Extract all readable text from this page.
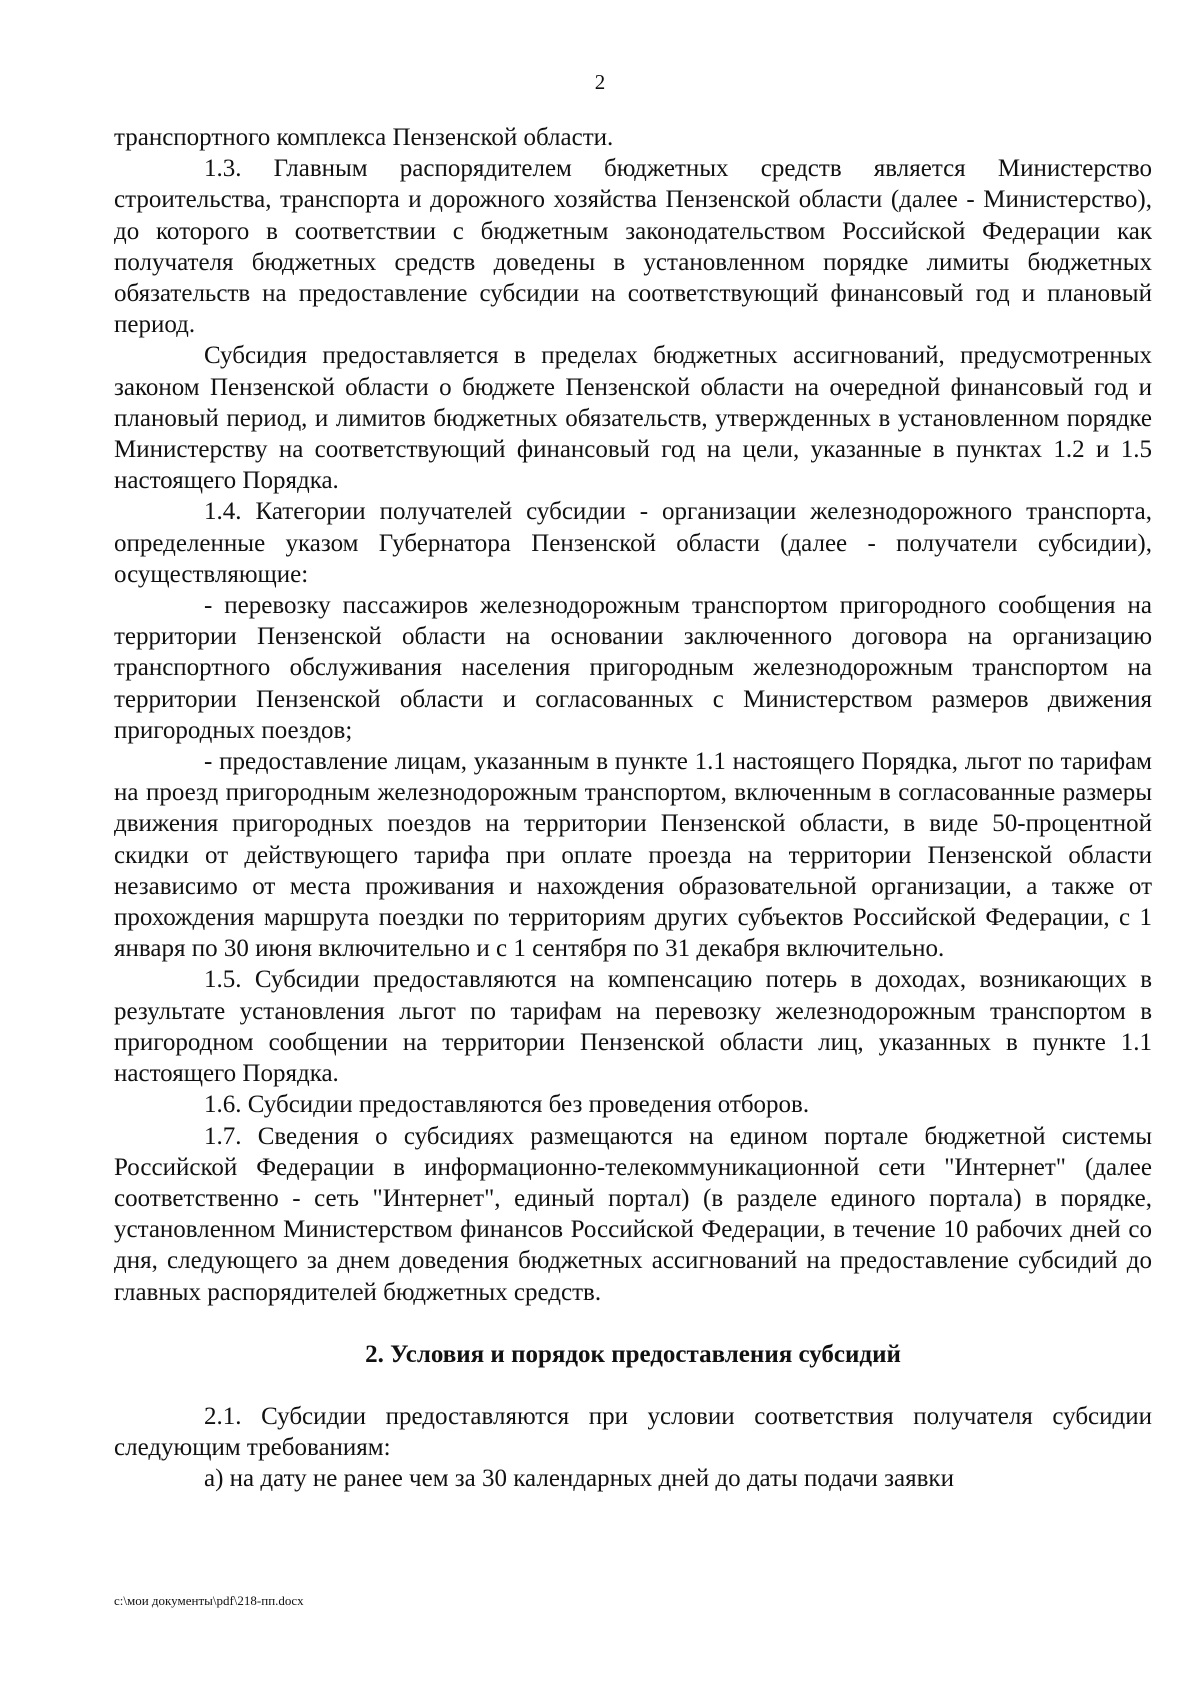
2

транспортного комплекса Пензенской области.

1.3. Главным распорядителем бюджетных средств является Министерство строительства, транспорта и дорожного хозяйства Пензенской области (далее - Министерство), до которого в соответствии с бюджетным законодательством Российской Федерации как получателя бюджетных средств доведены в установленном порядке лимиты бюджетных обязательств на предоставление субсидии на соответствующий финансовый год и плановый период.

Субсидия предоставляется в пределах бюджетных ассигнований, предусмотренных законом Пензенской области о бюджете Пензенской области на очередной финансовый год и плановый период, и лимитов бюджетных обязательств, утвержденных в установленном порядке Министерству на соответствующий финансовый год на цели, указанные в пунктах 1.2 и 1.5 настоящего Порядка.

1.4. Категории получателей субсидии - организации железнодорожного транспорта, определенные указом Губернатора Пензенской области (далее - получатели субсидии), осуществляющие:

- перевозку пассажиров железнодорожным транспортом пригородного сообщения на территории Пензенской области на основании заключенного договора на организацию транспортного обслуживания населения пригородным железнодорожным транспортом на территории Пензенской области и согласованных с Министерством размеров движения пригородных поездов;

- предоставление лицам, указанным в пункте 1.1 настоящего Порядка, льгот по тарифам на проезд пригородным железнодорожным транспортом, включенным в согласованные размеры движения пригородных поездов на территории Пензенской области, в виде 50-процентной скидки от действующего тарифа при оплате проезда на территории Пензенской области независимо от места проживания и нахождения образовательной организации, а также от прохождения маршрута поездки по территориям других субъектов Российской Федерации, с 1 января по 30 июня включительно и с 1 сентября по 31 декабря включительно.

1.5. Субсидии предоставляются на компенсацию потерь в доходах, возникающих в результате установления льгот по тарифам на перевозку железнодорожным транспортом в пригородном сообщении на территории Пензенской области лиц, указанных в пункте 1.1 настоящего Порядка.

1.6. Субсидии предоставляются без проведения отборов.

1.7. Сведения о субсидиях размещаются на едином портале бюджетной системы Российской Федерации в информационно-телекоммуникационной сети "Интернет" (далее соответственно - сеть "Интернет", единый портал) (в разделе единого портала) в порядке, установленном Министерством финансов Российской Федерации, в течение 10 рабочих дней со дня, следующего за днем доведения бюджетных ассигнований на предоставление субсидий до главных распорядителей бюджетных средств.

2. Условия и порядок предоставления субсидий

2.1. Субсидии предоставляются при условии соответствия получателя субсидии следующим требованиям:

а) на дату не ранее чем за 30 календарных дней до даты подачи заявки

c:\мои документы\pdf\218-пп.docx
